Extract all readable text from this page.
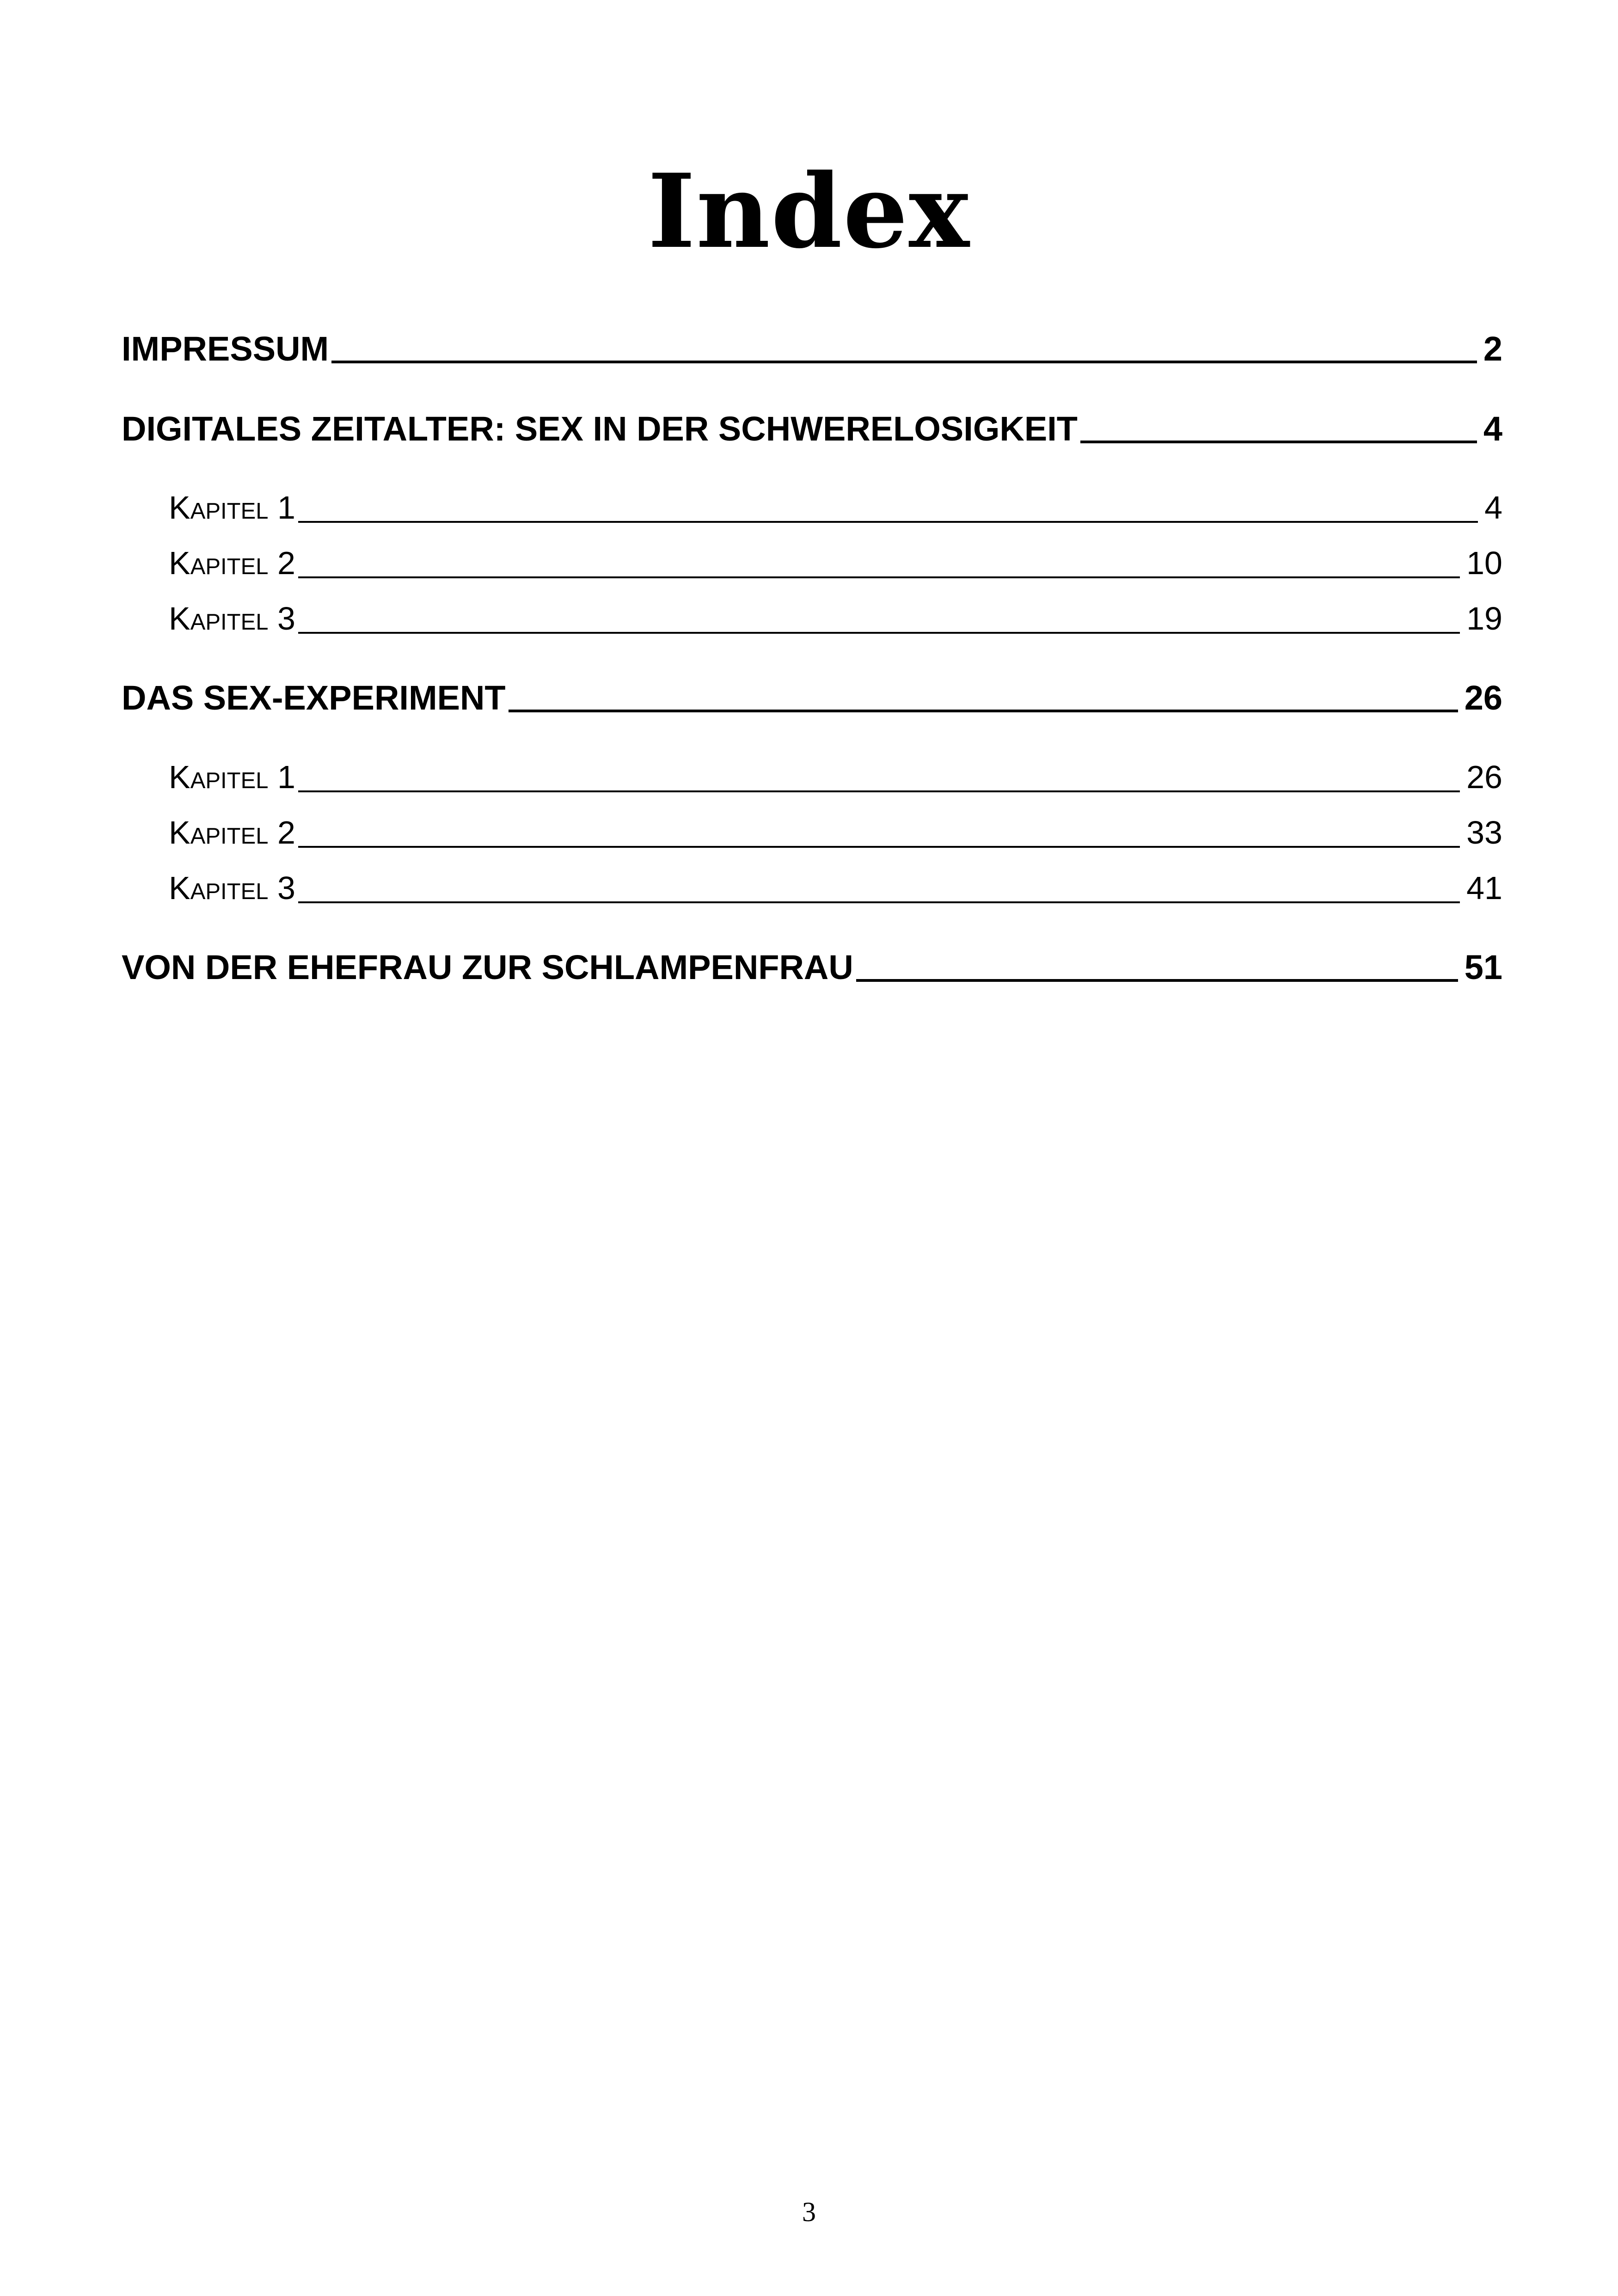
Index
IMPRESSUM	2
DIGITALES ZEITALTER: SEX IN DER SCHWERELOSIGKEIT	4
Kapitel 1	4
Kapitel 2	10
Kapitel 3	19
DAS SEX-EXPERIMENT	26
Kapitel 1	26
Kapitel 2	33
Kapitel 3	41
VON DER EHEFRAU ZUR SCHLAMPENFRAU	51
3
